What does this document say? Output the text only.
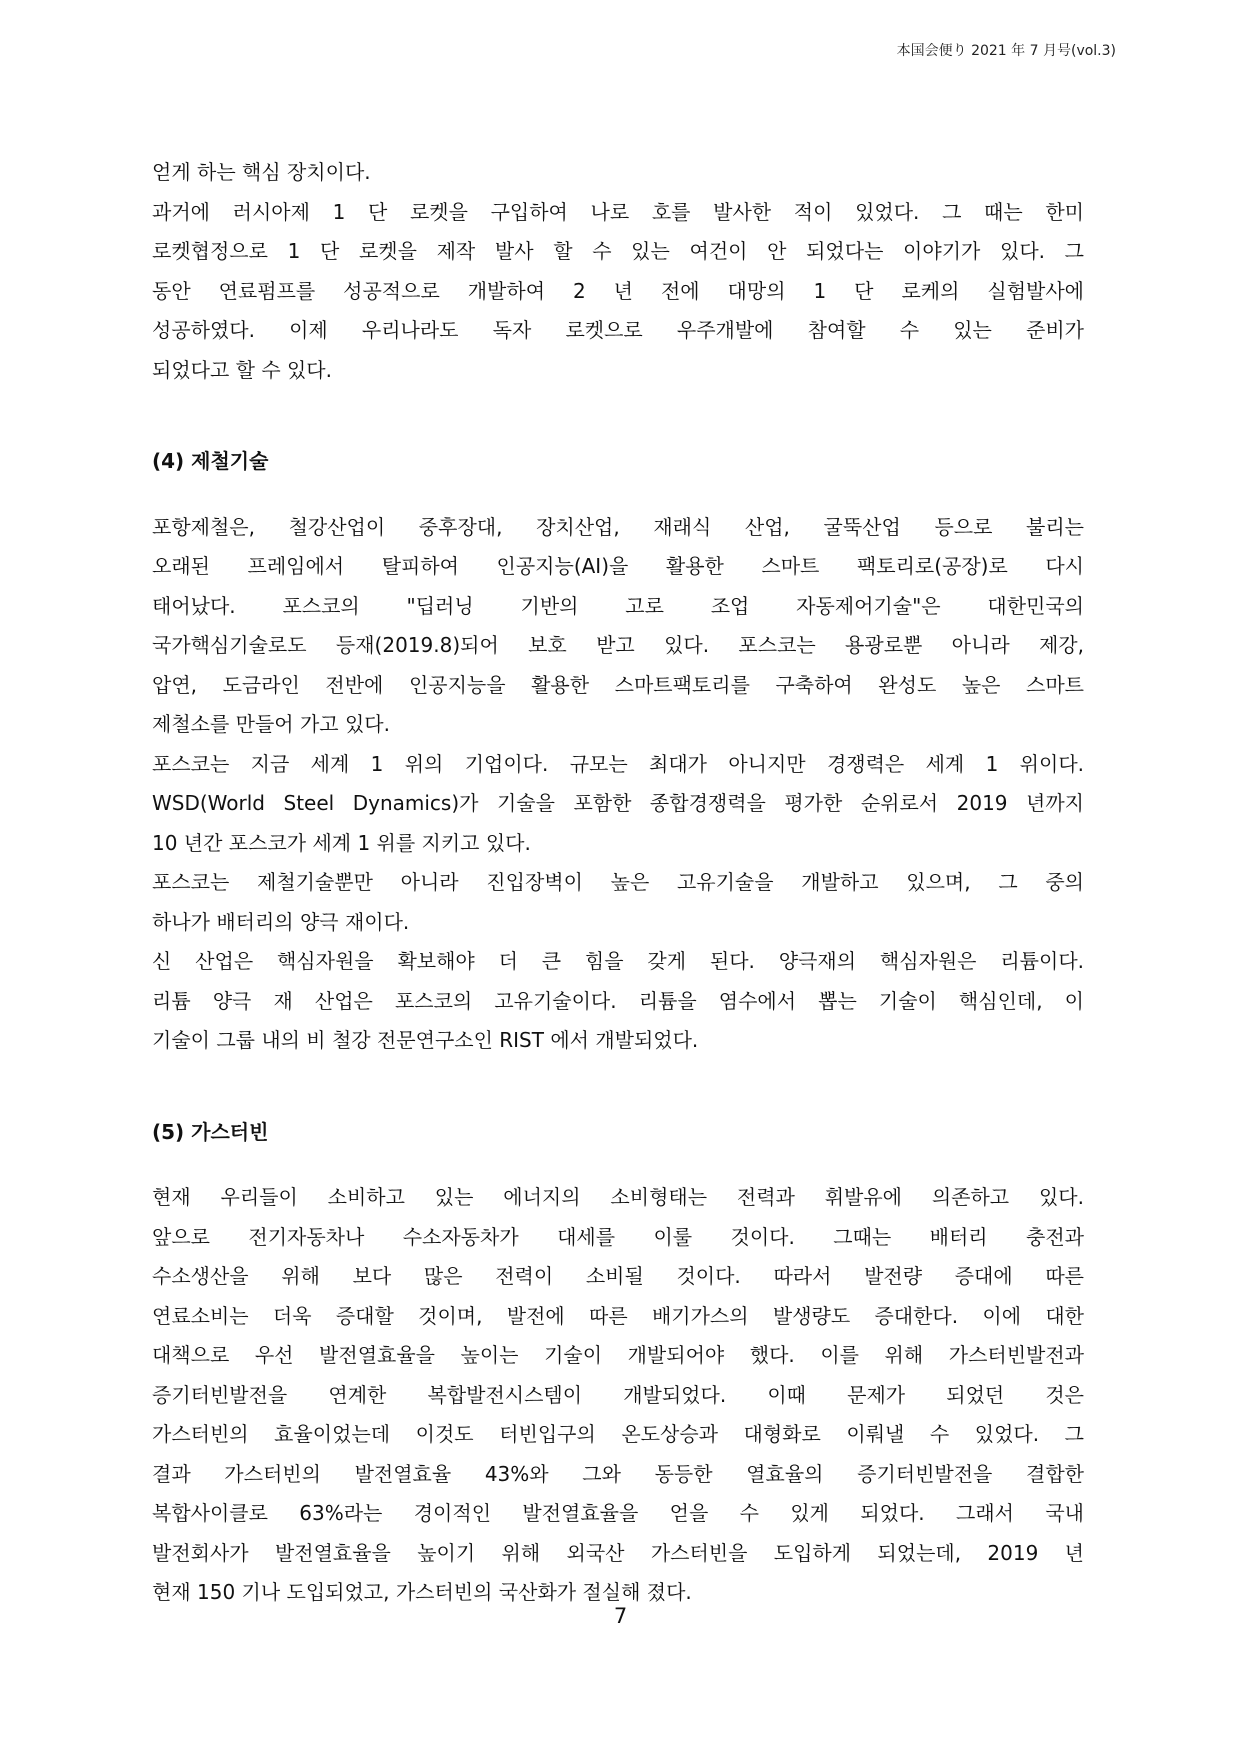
本国会便り 2021 年 7 月号(vol.3)
얻게 하는 핵심 장치이다.
과거에 러시아제 1 단 로켓을 구입하여 나로 호를 발사한 적이 있었다. 그 때는 한미
로켓협정으로 1 단 로켓을 제작 발사 할 수 있는 여건이 안 되었다는 이야기가 있다. 그
동안 연료펌프를 성공적으로 개발하여 2 년 전에 대망의 1 단 로케의 실험발사에
성공하였다. 이제 우리나라도 독자 로켓으로 우주개발에 참여할 수 있는 준비가
되었다고 할 수 있다.
(4) 제철기술
포항제철은, 철강산업이 중후장대, 장치산업, 재래식 산업, 굴뚝산업 등으로 불리는
오래된 프레임에서 탈피하여 인공지능(AI)을 활용한 스마트 팩토리로(공장)로 다시
태어났다. 포스코의 "딥러닝 기반의 고로 조업 자동제어기술"은 대한민국의
국가핵심기술로도 등재(2019.8)되어 보호 받고 있다. 포스코는 용광로뿐 아니라 제강,
압연, 도금라인 전반에 인공지능을 활용한 스마트팩토리를 구축하여 완성도 높은 스마트
제철소를 만들어 가고 있다.
포스코는 지금 세계 1 위의 기업이다. 규모는 최대가 아니지만 경쟁력은 세계 1 위이다.
WSD(World Steel Dynamics)가 기술을 포함한 종합경쟁력을 평가한 순위로서 2019 년까지
10 년간 포스코가 세계 1 위를 지키고 있다.
포스코는 제철기술뿐만 아니라 진입장벽이 높은 고유기술을 개발하고 있으며, 그 중의
하나가 배터리의 양극 재이다.
신 산업은 핵심자원을 확보해야 더 큰 힘을 갖게 된다. 양극재의 핵심자원은 리튬이다.
리튬 양극 재 산업은 포스코의 고유기술이다. 리튬을 염수에서 뽑는 기술이 핵심인데, 이
기술이 그룹 내의 비 철강 전문연구소인 RIST 에서 개발되었다.
(5) 가스터빈
현재 우리들이 소비하고 있는 에너지의 소비형태는 전력과 휘발유에 의존하고 있다.
앞으로 전기자동차나 수소자동차가 대세를 이룰 것이다. 그때는 배터리 충전과
수소생산을 위해 보다 많은 전력이 소비될 것이다. 따라서 발전량 증대에 따른
연료소비는 더욱 증대할 것이며, 발전에 따른 배기가스의 발생량도 증대한다. 이에 대한
대책으로 우선 발전열효율을 높이는 기술이 개발되어야 했다. 이를 위해 가스터빈발전과
증기터빈발전을 연계한 복합발전시스템이 개발되었다. 이때 문제가 되었던 것은
가스터빈의 효율이었는데 이것도 터빈입구의 온도상승과 대형화로 이뤄낼 수 있었다. 그
결과 가스터빈의 발전열효율 43%와 그와 동등한 열효율의 증기터빈발전을 결합한
복합사이클로 63%라는 경이적인 발전열효율을 얻을 수 있게 되었다. 그래서 국내
발전회사가 발전열효율을 높이기 위해 외국산 가스터빈을 도입하게 되었는데, 2019 년
현재 150 기나 도입되었고, 가스터빈의 국산화가 절실해 졌다.
7
